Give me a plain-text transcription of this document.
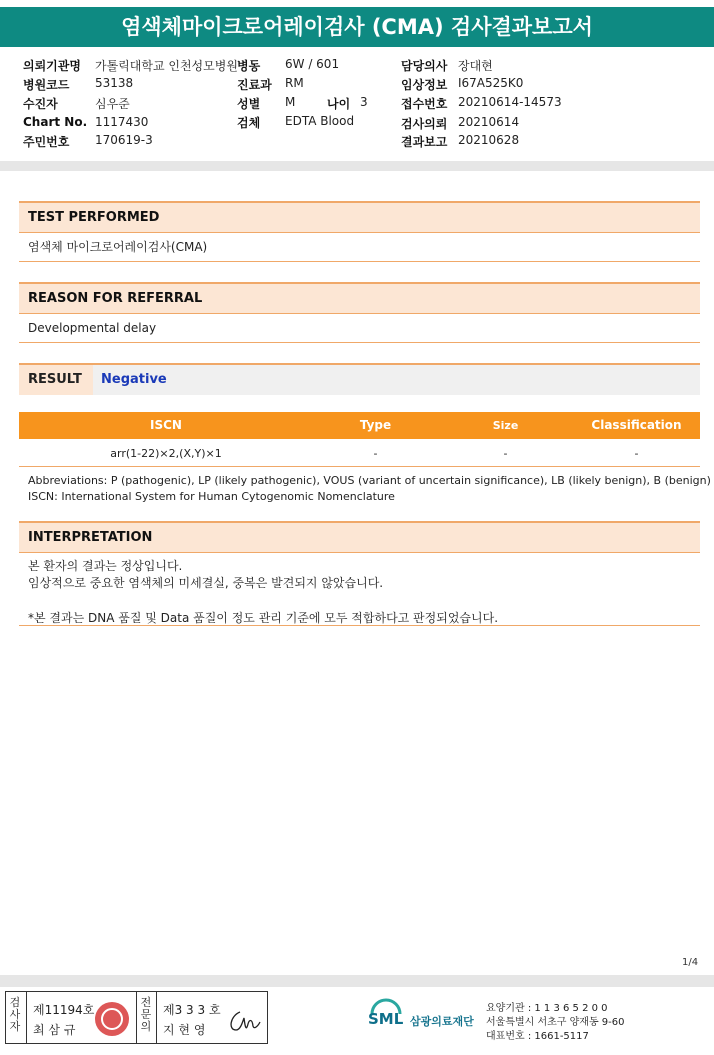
염색체마이크로어레이검사 (CMA) 검사결과보고서
의뢰기관명 가톨릭대학교 인천성모병원
병원코드 53138
수진자	심우준
Chart No. 1117430
주민번호 170619-3
병동 6W / 601
진료과 RM
성별 M	나이 3
검체 EDTA Blood
담당의사 장대현
임상정보 I67A525K0
접수번호 20210614-14573
검사의뢰 20210614
결과보고 20210628
TEST PERFORMED
염색체 마이크로어레이검사(CMA)
REASON FOR REFERRAL
Developmental delay
RESULT	Negative
ISCN	Type	Size	Classification
arr(1-22)×2,(X,Y)×1	-	-	-
Abbreviations: P (pathogenic), LP (likely pathogenic), VOUS (variant of uncertain significance), LB (likely benign), B (benign)
ISCN: International System for Human Cytogenomic Nomenclature
INTERPRETATION
본 환자의 결과는 정상입니다.
임상적으로 중요한 염색체의 미세결실, 중복은 발견되지 않았습니다.
*본 결과는 DNA 품질 및 Data 품질이 정도 관리 기준에 모두 적합하다고 판정되었습니다.
1/4
검
사
자
제11194호
최 삼 규
전
문
의
제3 3 3 호
지 현 영
SML 삼광의료재단
요양기관 : 1 1 3 6 5 2 0 0
서울특별시 서초구 양재동 9-60
대표번호 : 1661-5117
